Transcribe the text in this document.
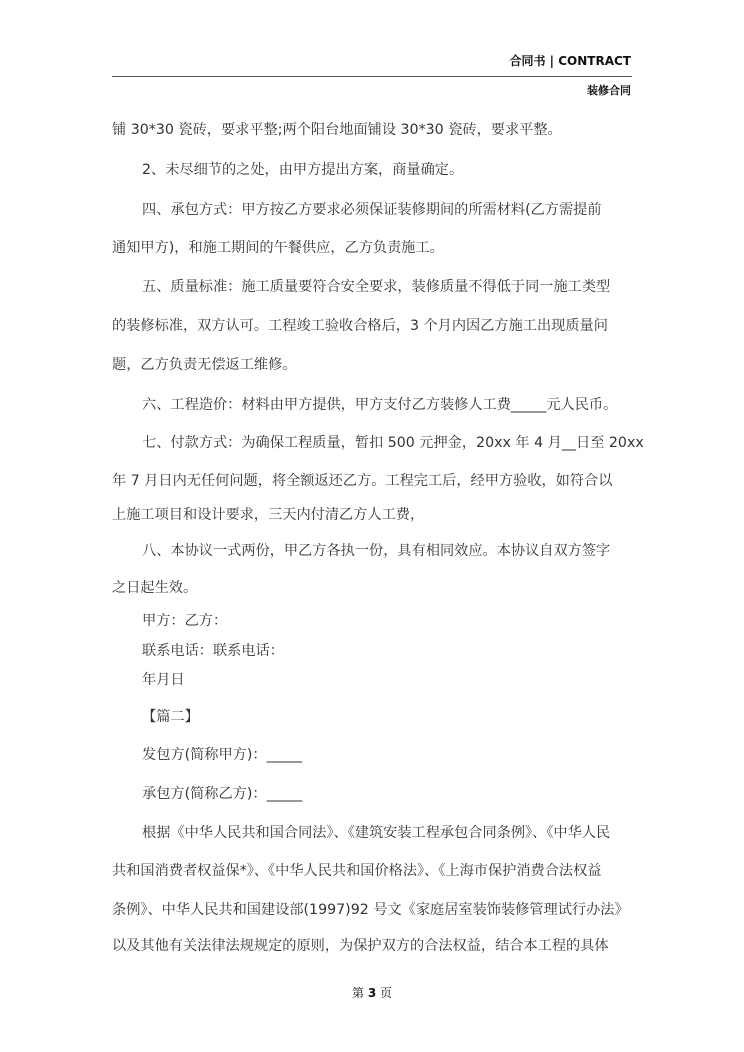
合同书 | CONTRACT
装修合同
铺 30*30 瓷砖，要求平整;两个阳台地面铺设 30*30 瓷砖，要求平整。
2、未尽细节的之处，由甲方提出方案，商量确定。
四、承包方式：甲方按乙方要求必须保证装修期间的所需材料(乙方需提前
通知甲方)，和施工期间的午餐供应，乙方负责施工。
五、质量标准：施工质量要符合安全要求，装修质量不得低于同一施工类型
的装修标准，双方认可。工程竣工验收合格后，3 个月内因乙方施工出现质量问
题，乙方负责无偿返工维修。
六、工程造价：材料由甲方提供，甲方支付乙方装修人工费_____元人民币。
七、付款方式：为确保工程质量，暂扣 500 元押金，20xx 年 4 月__日至 20xx
年 7 月日内无任何问题，将全额返还乙方。工程完工后，经甲方验收，如符合以
上施工项目和设计要求，三天内付清乙方人工费，
八、本协议一式两份，甲乙方各执一份，具有相同效应。本协议自双方签字
之日起生效。
甲方：乙方：
联系电话：联系电话：
年月日
【篇二】
发包方(简称甲方)：_____
承包方(简称乙方)：_____
根据《中华人民共和国合同法》、《建筑安装工程承包合同条例》、《中华人民
共和国消费者权益保*》、《中华人民共和国价格法》、《上海市保护消费合法权益
条例》、中华人民共和国建设部(1997)92 号文《家庭居室装饰装修管理试行办法》
以及其他有关法律法规规定的原则，为保护双方的合法权益，结合本工程的具体
第 3 页
